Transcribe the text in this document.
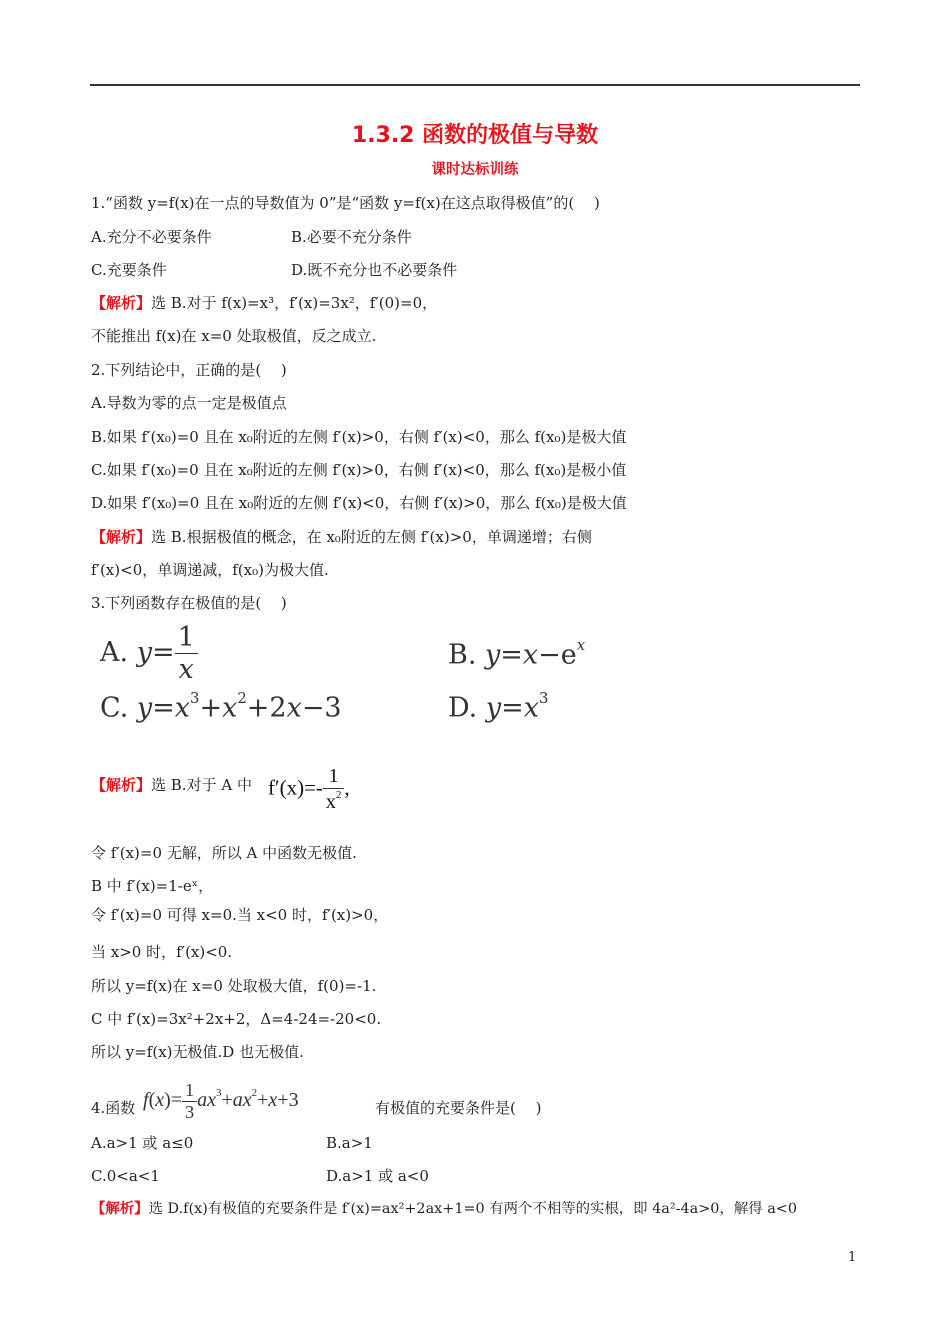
1.3.2 函数的极值与导数
课时达标训练
1.“函数 y=f(x)在一点的导数值为 0”是“函数 y=f(x)在这点取得极值”的(　 )
A.充分不必要条件	B.必要不充分条件
C.充要条件	D.既不充分也不必要条件
【解析】选 B.对于 f(x)=x³，f′(x)=3x²，f′(0)=0，
不能推出 f(x)在 x=0 处取极值，反之成立.
2.下列结论中，正确的是(　 )
A.导数为零的点一定是极值点
B.如果 f′(x₀)=0 且在 x₀附近的左侧 f′(x)>0，右侧 f′(x)<0，那么 f(x₀)是极大值
C.如果 f′(x₀)=0 且在 x₀附近的左侧 f′(x)>0，右侧 f′(x)<0，那么 f(x₀)是极小值
D.如果 f′(x₀)=0 且在 x₀附近的左侧 f′(x)<0，右侧 f′(x)>0，那么 f(x₀)是极大值
【解析】选 B.根据极值的概念，在 x₀附近的左侧 f′(x)>0，单调递增；右侧
f′(x)<0，单调递减，f(x₀)为极大值.
3.下列函数存在极值的是(　 )
A. $y= \frac{1}{x}$	B. $y=x-e^x$
C. $y=x^3+x^2+2x-3$	D. $y=x^3$
【解析】选 B.对于 A 中 $f'(x)=- \frac{1}{x^2}$ ,
令 f′(x)=0 无解，所以 A 中函数无极值.
B 中 f′(x)=1-eˣ，
令 f′(x)=0 可得 x=0.当 x<0 时，f′(x)>0，
当 x>0 时，f′(x)<0.
所以 y=f(x)在 x=0 处取极大值，f(0)=-1.
C 中 f′(x)=3x²+2x+2，Δ=4-24=-20<0.
所以 y=f(x)无极值.D 也无极值.
4.函数 $f(x)= \frac{1}{3} ax^3+ax^2+x+3$	有极值的充要条件是(　 )
A.a>1 或 a≤0	B.a>1
C.0<a<1	D.a>1 或 a<0
【解析】选 D.f(x)有极值的充要条件是 f′(x)=ax²+2ax+1=0 有两个不相等的实根，即 4a²-4a>0，解得 a<0
1
